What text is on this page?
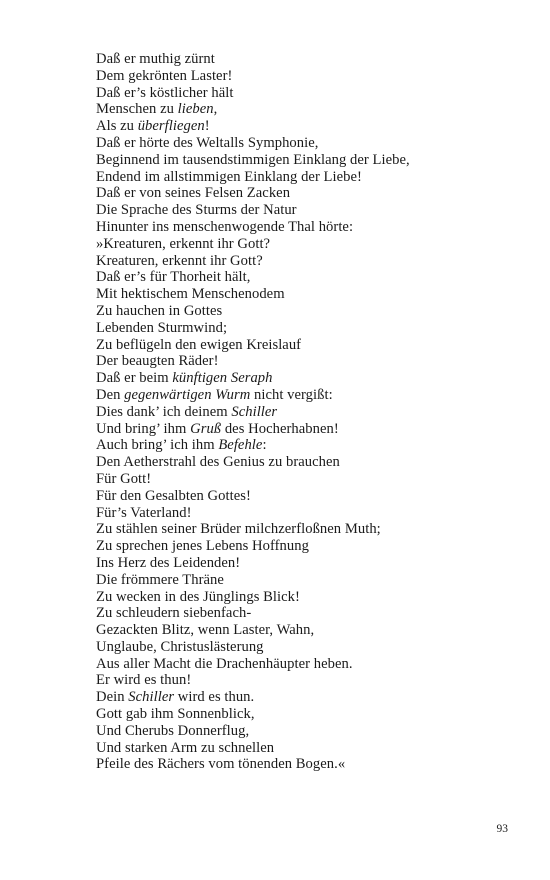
Daß er muthig zürnt
Dem gekrönten Laster!
Daß er’s köstlicher hält
Menschen zu lieben,
Als zu überfliegen!
Daß er hörte des Weltalls Symphonie,
Beginnend im tausendstimmigen Einklang der Liebe,
Endend im allstimmigen Einklang der Liebe!
Daß er von seines Felsen Zacken
Die Sprache des Sturms der Natur
Hinunter ins menschenwogende Thal hörte:
»Kreaturen, erkennt ihr Gott?
Kreaturen, erkennt ihr Gott?
Daß er’s für Thorheit hält,
Mit hektischem Menschenodem
Zu hauchen in Gottes
Lebenden Sturmwind;
Zu beflügeln den ewigen Kreislauf
Der beaugten Räder!
Daß er beim künftigen Seraph
Den gegenwärtigen Wurm nicht vergißt:
Dies dank’ ich deinem Schiller
Und bring’ ihm Gruß des Hocherhabnen!
Auch bring’ ich ihm Befehle:
Den Aetherstrahl des Genius zu brauchen
Für Gott!
Für den Gesalbten Gottes!
Für’s Vaterland!
Zu stählen seiner Brüder milchzerfloßnen Muth;
Zu sprechen jenes Lebens Hoffnung
Ins Herz des Leidenden!
Die frömmere Thräne
Zu wecken in des Jünglings Blick!
Zu schleudern siebenfach-
Gezackten Blitz, wenn Laster, Wahn,
Unglaube, Christuslästerung
Aus aller Macht die Drachenhäupter heben.
Er wird es thun!
Dein Schiller wird es thun.
Gott gab ihm Sonnenblick,
Und Cherubs Donnerflug,
Und starken Arm zu schnellen
Pfeile des Rächers vom tönenden Bogen.«
93
